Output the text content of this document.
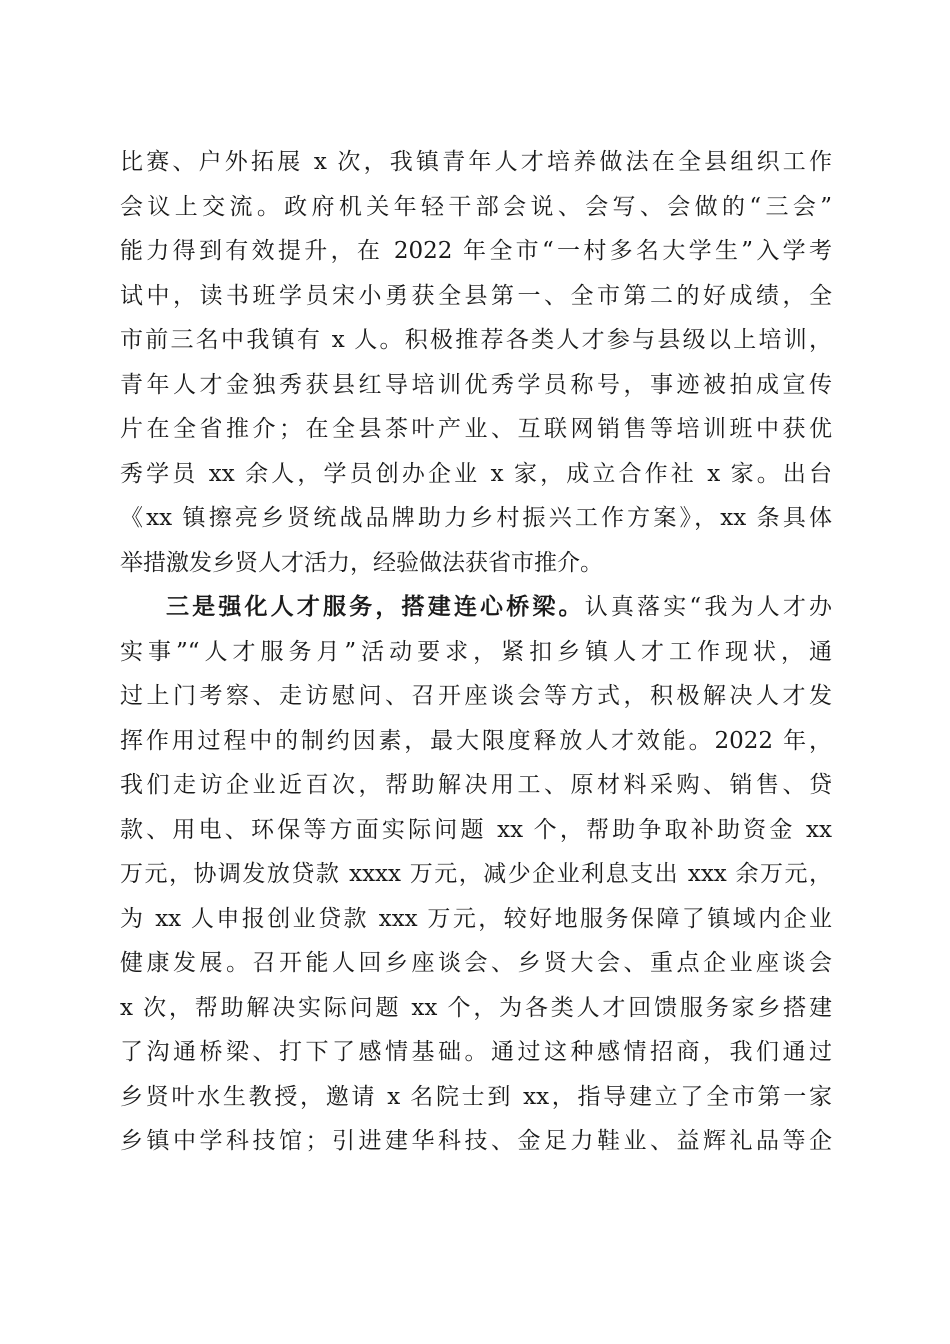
比赛、户外拓展 x 次，我镇青年人才培养做法在全县组织工作
会议上交流。政府机关年轻干部会说、会写、会做的“三会”
能力得到有效提升，在 2022 年全市“一村多名大学生”入学考
试中，读书班学员宋小勇获全县第一、全市第二的好成绩，全
市前三名中我镇有 x 人。积极推荐各类人才参与县级以上培训，
青年人才金独秀获县红导培训优秀学员称号，事迹被拍成宣传
片在全省推介；在全县茶叶产业、互联网销售等培训班中获优
秀学员 xx 余人，学员创办企业 x 家，成立合作社 x 家。出台
《xx 镇擦亮乡贤统战品牌助力乡村振兴工作方案》，xx 条具体
举措激发乡贤人才活力，经验做法获省市推介。
三是强化人才服务，搭建连心桥梁。认真落实“我为人才办
实事”“人才服务月”活动要求，紧扣乡镇人才工作现状，通
过上门考察、走访慰问、召开座谈会等方式，积极解决人才发
挥作用过程中的制约因素，最大限度释放人才效能。2022 年，
我们走访企业近百次，帮助解决用工、原材料采购、销售、贷
款、用电、环保等方面实际问题 xx 个，帮助争取补助资金 xx
万元，协调发放贷款 xxxx 万元，减少企业利息支出 xxx 余万元，
为 xx 人申报创业贷款 xxx 万元，较好地服务保障了镇域内企业
健康发展。召开能人回乡座谈会、乡贤大会、重点企业座谈会
x 次，帮助解决实际问题 xx 个，为各类人才回馈服务家乡搭建
了沟通桥梁、打下了感情基础。通过这种感情招商，我们通过
乡贤叶水生教授，邀请 x 名院士到 xx，指导建立了全市第一家
乡镇中学科技馆；引进建华科技、金足力鞋业、益辉礼品等企
